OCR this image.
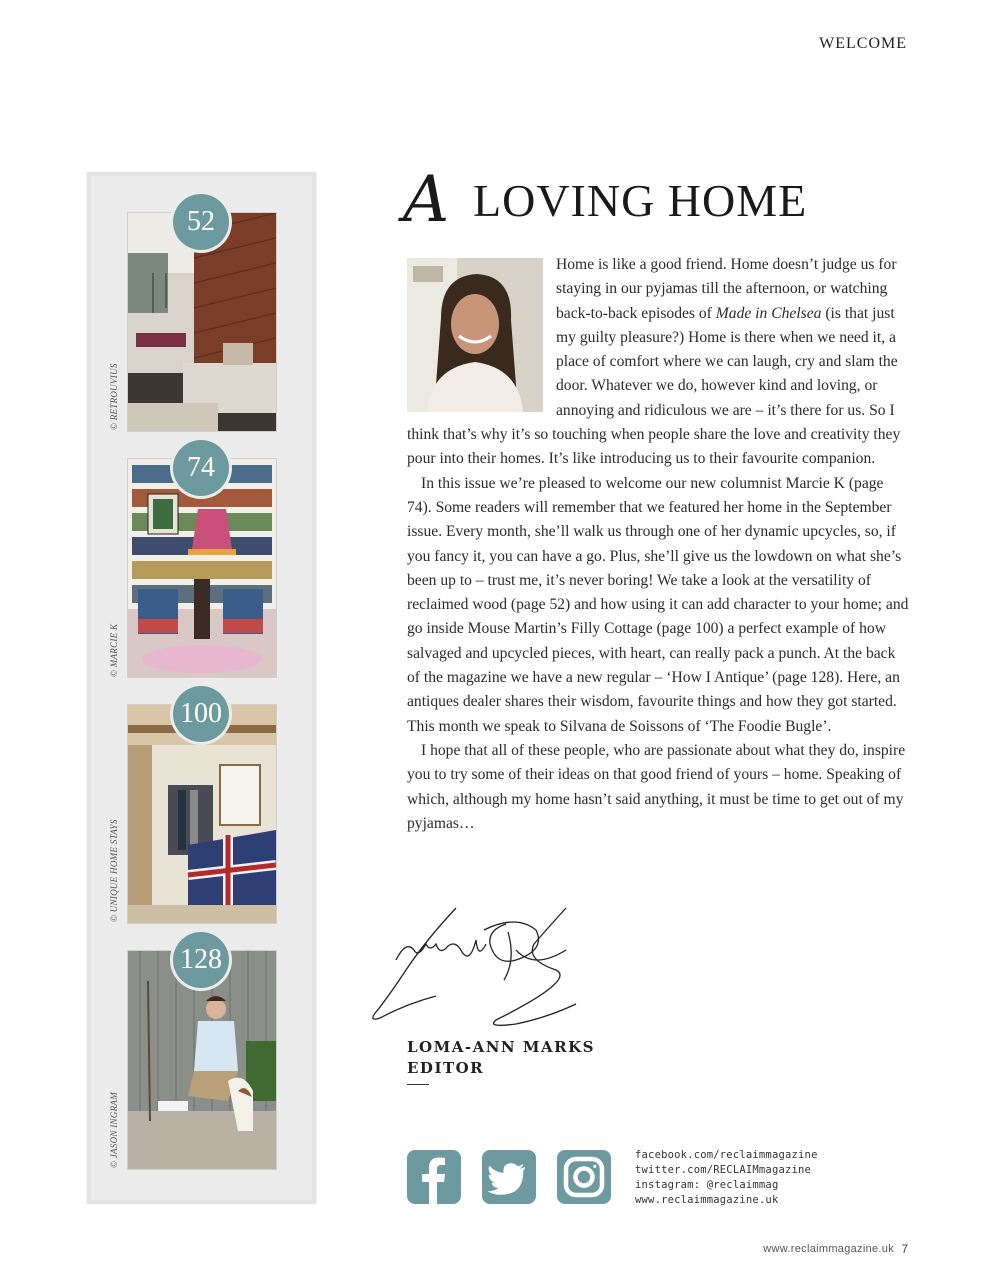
WELCOME
52
© RETROUVIUS
74
© MARCIE K
100
© UNIQUE HOME STAYS
128
© JASON INGRAM
A LOVING HOME

Home is like a good friend. Home doesn’t judge us for staying in our pyjamas till the afternoon, or watching back-to-back episodes of Made in Chelsea (is that just my guilty pleasure?) Home is there when we need it, a place of comfort where we can laugh, cry and slam the door. Whatever we do, however kind and loving, or annoying and ridiculous we are – it’s there for us. So I think that’s why it’s so touching when people share the love and creativity they pour into their homes. It’s like introducing us to their favourite companion.

In this issue we’re pleased to welcome our new columnist Marcie K (page 74). Some readers will remember that we featured her home in the September issue. Every month, she’ll walk us through one of her dynamic upcycles, so, if you fancy it, you can have a go. Plus, she’ll give us the lowdown on what she’s been up to – trust me, it’s never boring! We take a look at the versatility of reclaimed wood (page 52) and how using it can add character to your home; and go inside Mouse Martin’s Filly Cottage (page 100) a perfect example of how salvaged and upcycled pieces, with heart, can really pack a punch. At the back of the magazine we have a new regular – ‘How I Antique’ (page 128). Here, an antiques dealer shares their wisdom, favourite things and how they got started. This month we speak to Silvana de Soissons of ‘The Foodie Bugle’.

I hope that all of these people, who are passionate about what they do, inspire you to try some of their ideas on that good friend of yours – home. Speaking of which, although my home hasn’t said anything, it must be time to get out of my pyjamas…

LOMA-ANN MARKS
EDITOR
facebook.com/reclaimmagazine
twitter.com/RECLAIMmagazine
instagram: @reclaimmag
www.reclaimmagazine.uk
www.reclaimmagazine.uk 7
